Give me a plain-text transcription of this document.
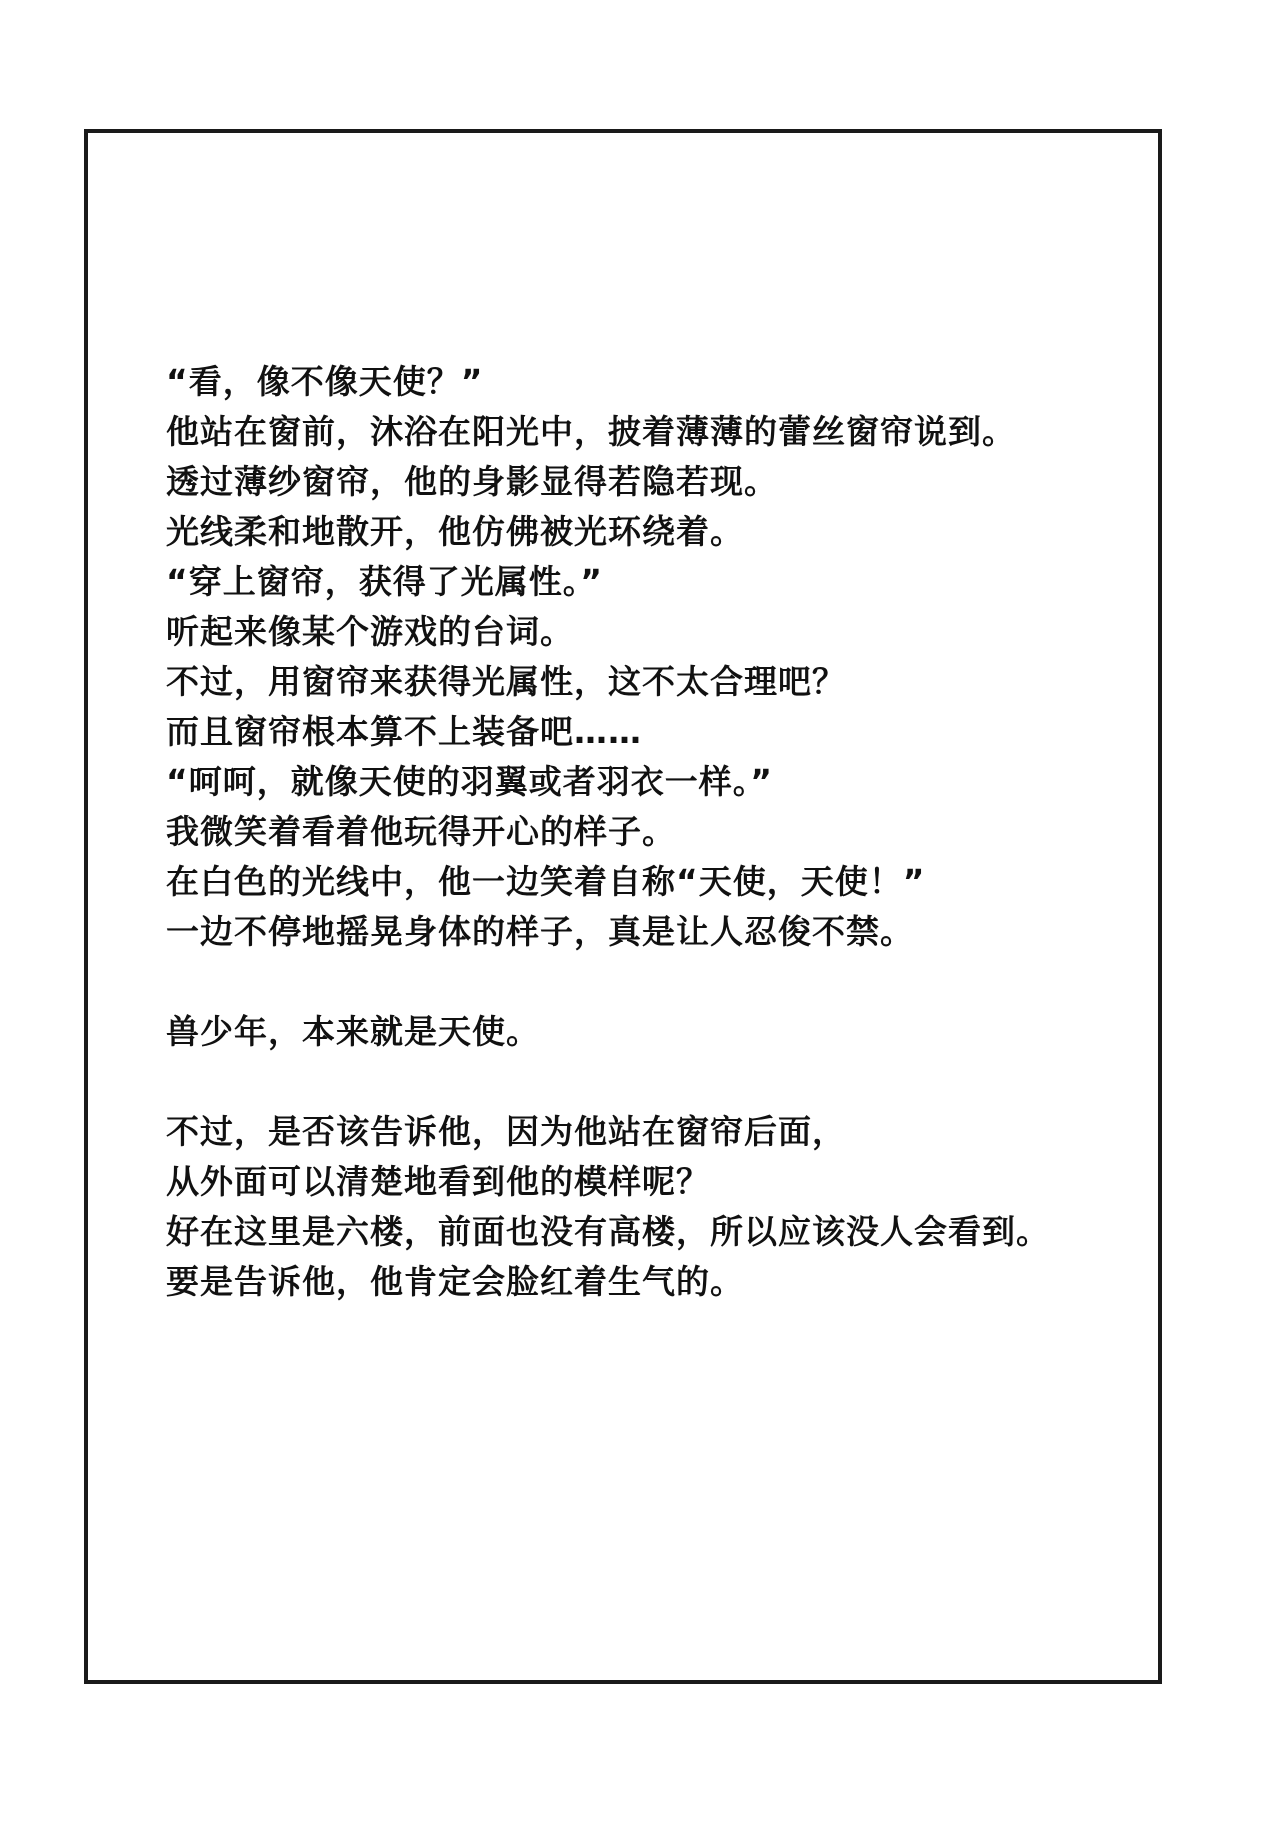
“看，像不像天使？”
他站在窗前，沐浴在阳光中，披着薄薄的蕾丝窗帘说到。
透过薄纱窗帘，他的身影显得若隐若现。
光线柔和地散开，他仿佛被光环绕着。
“穿上窗帘，获得了光属性。”
听起来像某个游戏的台词。
不过，用窗帘来获得光属性，这不太合理吧？
而且窗帘根本算不上装备吧……
“呵呵，就像天使的羽翼或者羽衣一样。”
我微笑着看着他玩得开心的样子。
在白色的光线中，他一边笑着自称“天使，天使！”
一边不停地摇晃身体的样子，真是让人忍俊不禁。
兽少年，本来就是天使。
不过，是否该告诉他，因为他站在窗帘后面，
从外面可以清楚地看到他的模样呢？
好在这里是六楼，前面也没有高楼，所以应该没人会看到。
要是告诉他，他肯定会脸红着生气的。
